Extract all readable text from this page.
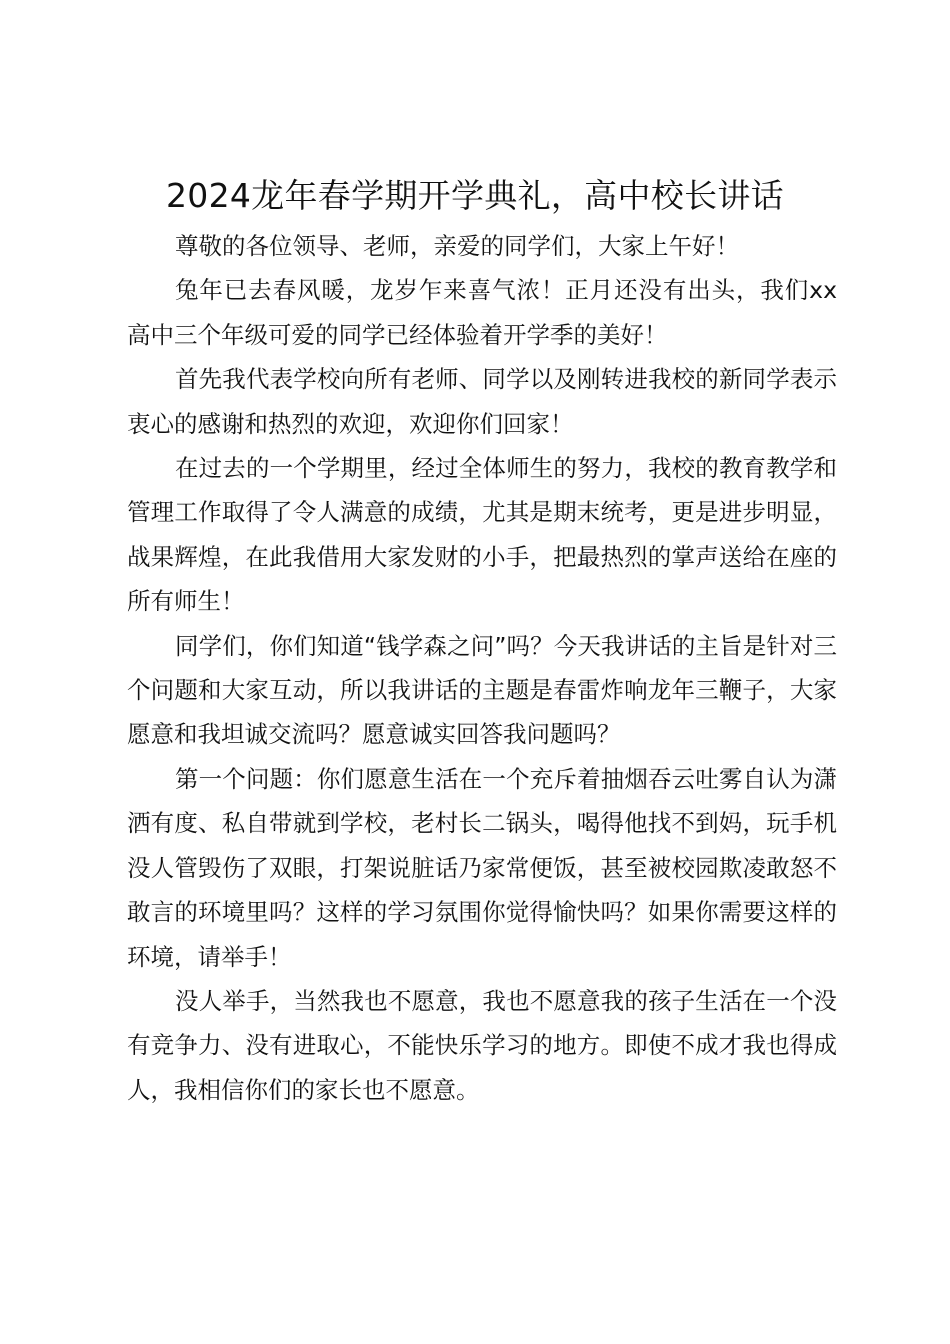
2024龙年春学期开学典礼，高中校长讲话

尊敬的各位领导、老师，亲爱的同学们，大家上午好！

兔年已去春风暖，龙岁乍来喜气浓！正月还没有出头，我们xx高中三个年级可爱的同学已经体验着开学季的美好！

首先我代表学校向所有老师、同学以及刚转进我校的新同学表示衷心的感谢和热烈的欢迎，欢迎你们回家！

在过去的一个学期里，经过全体师生的努力，我校的教育教学和管理工作取得了令人满意的成绩，尤其是期末统考，更是进步明显，战果辉煌，在此我借用大家发财的小手，把最热烈的掌声送给在座的所有师生！

同学们，你们知道“钱学森之问”吗？今天我讲话的主旨是针对三个问题和大家互动，所以我讲话的主题是春雷炸响龙年三鞭子，大家愿意和我坦诚交流吗？愿意诚实回答我问题吗？

第一个问题：你们愿意生活在一个充斥着抽烟吞云吐雾自认为潇洒有度、私自带就到学校，老村长二锅头，喝得他找不到妈，玩手机没人管毁伤了双眼，打架说脏话乃家常便饭，甚至被校园欺凌敢怒不敢言的环境里吗？这样的学习氛围你觉得愉快吗？如果你需要这样的环境，请举手！

没人举手，当然我也不愿意，我也不愿意我的孩子生活在一个没有竞争力、没有进取心，不能快乐学习的地方。即使不成才我也得成人，我相信你们的家长也不愿意。
